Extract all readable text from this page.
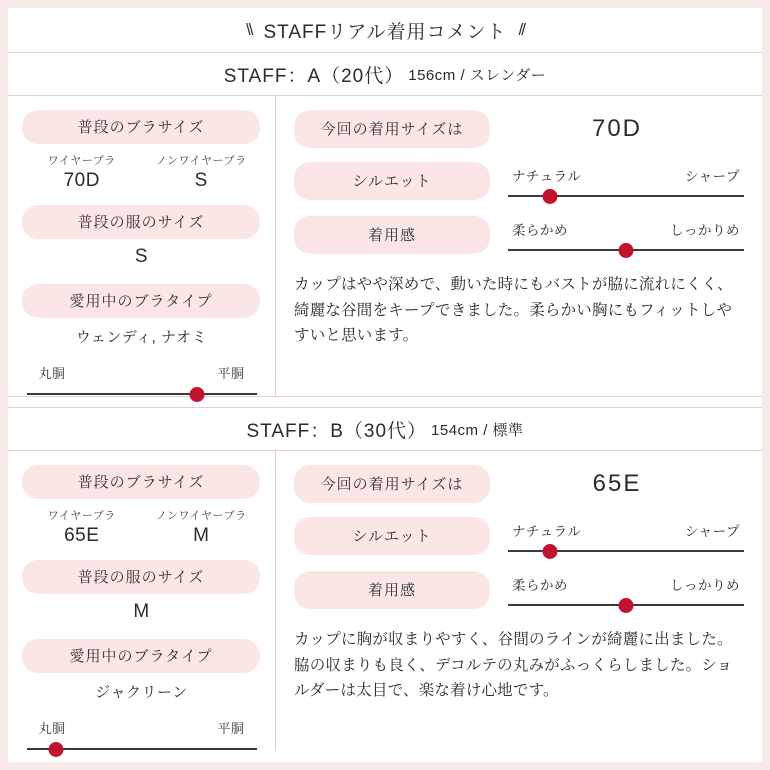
\\ STAFFリアル着用コメント //
STAFF：A（20代） 156cm / スレンダー
普段のブラサイズ
ワイヤーブラ
70D
ノンワイヤーブラ
S
普段の服のサイズ
S
愛用中のブラタイプ
ウェンディ, ナオミ
丸胴	平胴
今回の着用サイズは	70D
シルエット	ナチュラル	シャープ
着用感	柔らかめ	しっかりめ
カップはやや深めで、動いた時にもバストが脇に流れにくく、綺麗な谷間をキープできました。柔らかい胸にもフィットしやすいと思います。
STAFF：B（30代） 154cm / 標準
普段のブラサイズ
ワイヤーブラ
65E
ノンワイヤーブラ
M
普段の服のサイズ
M
愛用中のブラタイプ
ジャクリーン
丸胴	平胴
今回の着用サイズは	65E
シルエット	ナチュラル	シャープ
着用感	柔らかめ	しっかりめ
カップに胸が収まりやすく、谷間のラインが綺麗に出ました。脇の収まりも良く、デコルテの丸みがふっくらしました。ショルダーは太目で、楽な着け心地です。
